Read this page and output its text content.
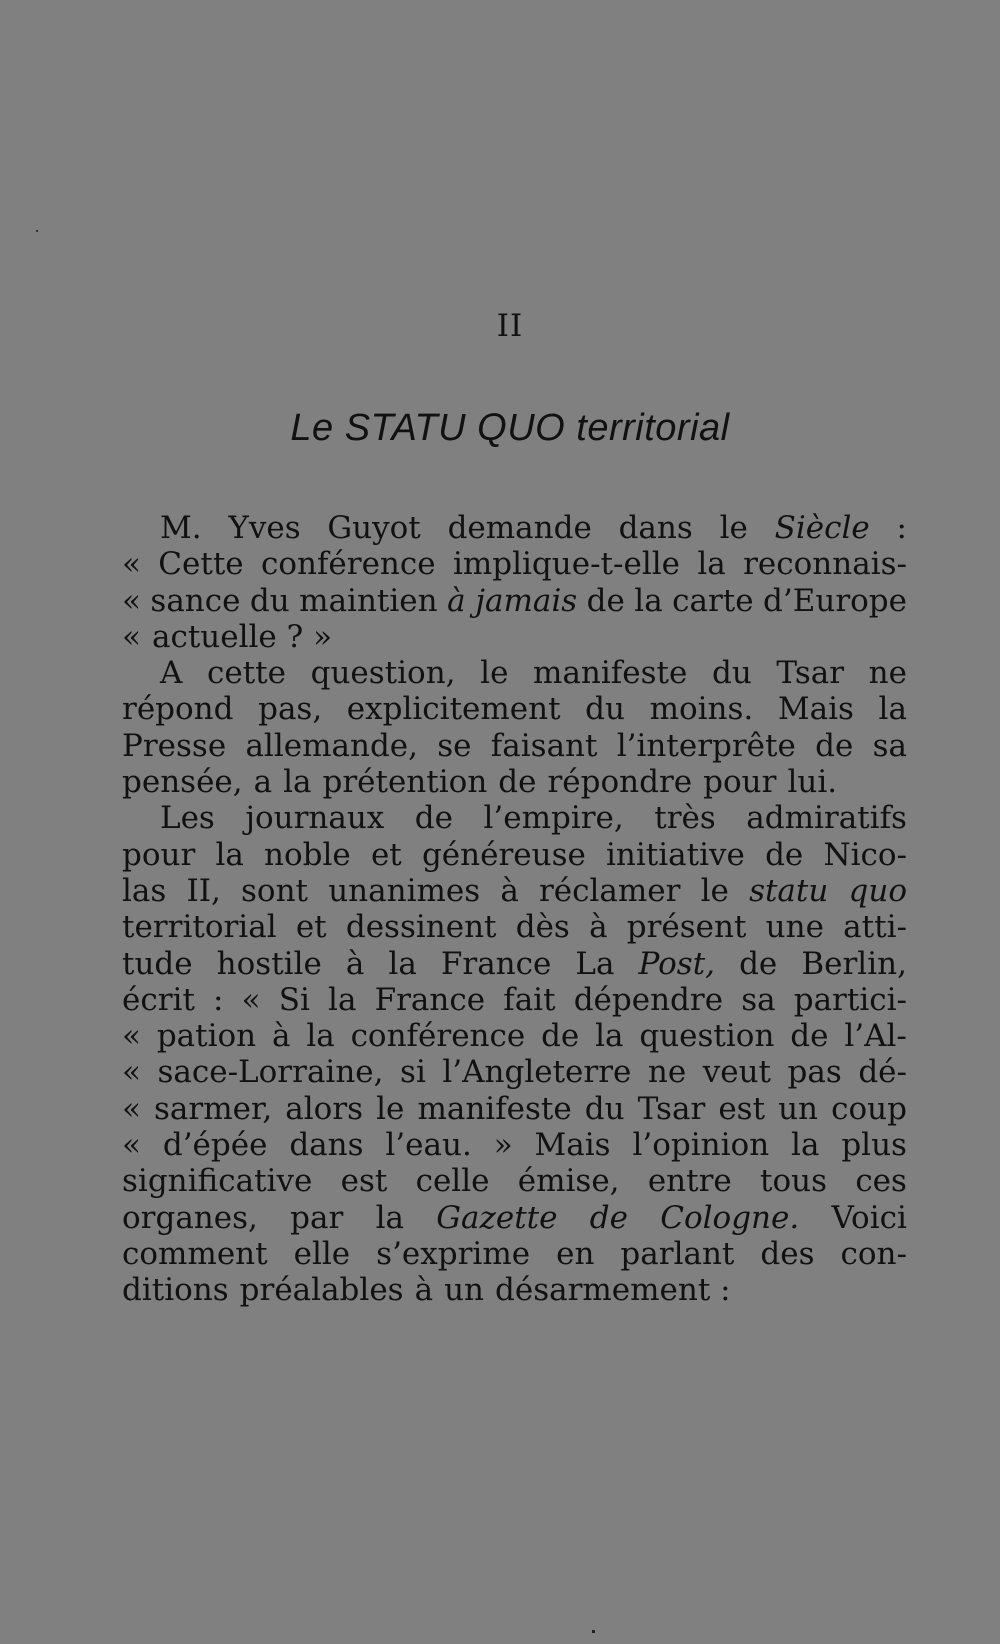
II
Le STATU QUO territorial
M. Yves Guyot demande dans le Siècle :
« Cette conférence implique-t-elle la reconnais-
« sance du maintien à jamais de la carte d’Europe
« actuelle ? »
A cette question, le manifeste du Tsar ne
répond pas, explicitement du moins. Mais la
Presse allemande, se faisant l’interprête de sa
pensée, a la prétention de répondre pour lui.
Les journaux de l’empire, très admiratifs
pour la noble et généreuse initiative de Nico-
las II, sont unanimes à réclamer le statu quo
territorial et dessinent dès à présent une atti-
tude hostile à la France La Post, de Berlin,
écrit : « Si la France fait dépendre sa partici-
« pation à la conférence de la question de l’Al-
« sace-Lorraine, si l’Angleterre ne veut pas dé-
« sarmer, alors le manifeste du Tsar est un coup
« d’épée dans l’eau. » Mais l’opinion la plus
significative est celle émise, entre tous ces
organes, par la Gazette de Cologne. Voici
comment elle s’exprime en parlant des con-
ditions préalables à un désarmement :
